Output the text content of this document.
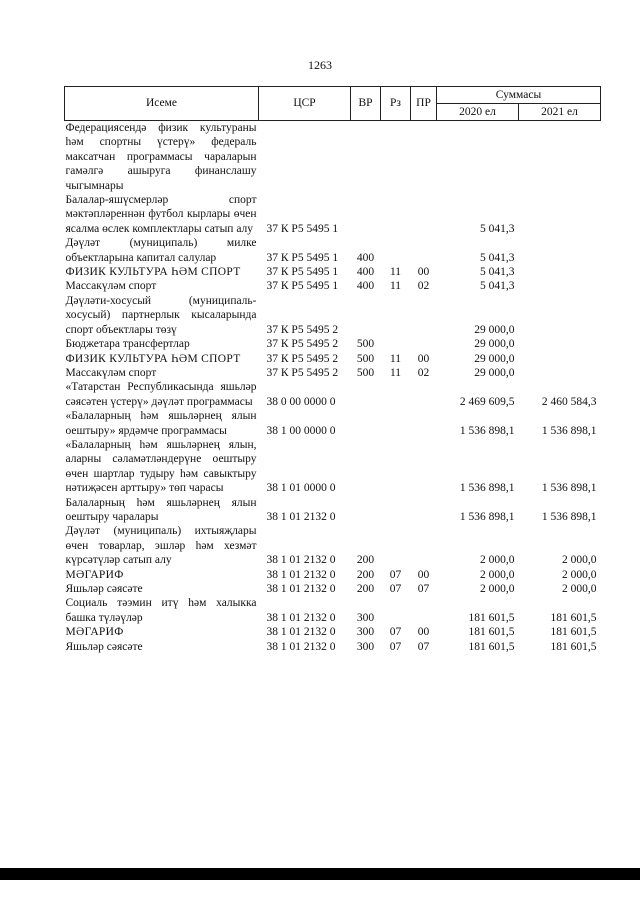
1263
Исеме	ЦСР	ВР	Рз	ПР	Суммасы	
					2020 ел	2021 ел
Федерациясендә физик культураны һәм спортны үстерү» федераль максатчан программасы чараларын гамәлгә ашыруга финанслашу чыгымнары						
Балалар-яшүсмерләр спорт мәктәпләреннән футбол кырлары өчен ясалма өслек комплектлары сатып алу	37 К Р5 5495 1				5 041,3	
Дәүләт (муниципаль) милке объектларына капитал салулар	37 К Р5 5495 1	400			5 041,3	
ФИЗИК КУЛЬТУРА ҺӘМ СПОРТ	37 К Р5 5495 1	400	11	00	5 041,3	
Массакүләм спорт	37 К Р5 5495 1	400	11	02	5 041,3	
Дәүләти-хосусый (муниципаль-хосусый) партнерлык кысаларында спорт объектлары төзү	37 К Р5 5495 2				29 000,0	
Бюджетара трансфертлар	37 К Р5 5495 2	500			29 000,0	
ФИЗИК КУЛЬТУРА ҺӘМ СПОРТ	37 К Р5 5495 2	500	11	00	29 000,0	
Массакүләм спорт	37 К Р5 5495 2	500	11	02	29 000,0	
«Татарстан Республикасында яшьләр сәясәтен үстерү» дәүләт программасы	38 0 00 0000 0				2 469 609,5	2 460 584,3
«Балаларның һәм яшьләрнең ялын оештыру» ярдәмче программасы	38 1 00 0000 0				1 536 898,1	1 536 898,1
«Балаларның һәм яшьләрнең ялын, аларны сәламәтләндерүне оештыру өчен шартлар тудыру һәм савыктыру нәтиҗәсен арттыру» төп чарасы	38 1 01 0000 0				1 536 898,1	1 536 898,1
Балаларның һәм яшьләрнең ялын оештыру чаралары	38 1 01 2132 0				1 536 898,1	1 536 898,1
Дәүләт (муниципаль) ихтыяҗлары өчен товарлар, эшләр һәм хезмәт күрсәтүләр сатып алу	38 1 01 2132 0	200			2 000,0	2 000,0
МӘГАРИФ	38 1 01 2132 0	200	07	00	2 000,0	2 000,0
Яшьләр сәясәте	38 1 01 2132 0	200	07	07	2 000,0	2 000,0
Социаль тәэмин итү һәм халыкка башка түләүләр	38 1 01 2132 0	300			181 601,5	181 601,5
МӘГАРИФ	38 1 01 2132 0	300	07	00	181 601,5	181 601,5
Яшьләр сәясәте	38 1 01 2132 0	300	07	07	181 601,5	181 601,5
